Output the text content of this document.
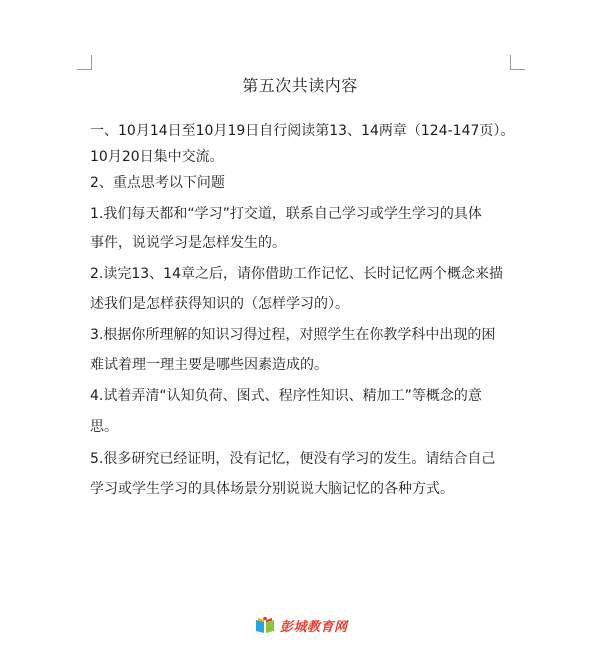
第五次共读内容
一、10月14日至10月19日自行阅读第13、14两章（124-147页）。
10月20日集中交流。
2、重点思考以下问题
1.我们每天都和“学习”打交道，联系自己学习或学生学习的具体
事件，说说学习是怎样发生的。
2.读完13、14章之后，请你借助工作记忆、长时记忆两个概念来描
述我们是怎样获得知识的（怎样学习的）。
3.根据你所理解的知识习得过程，对照学生在你教学科中出现的困
难试着理一理主要是哪些因素造成的。
4.试着弄清“认知负荷、图式、程序性知识、精加工”等概念的意
思。
5.很多研究已经证明，没有记忆，便没有学习的发生。请结合自己
学习或学生学习的具体场景分别说说大脑记忆的各种方式。
彭城教育网
